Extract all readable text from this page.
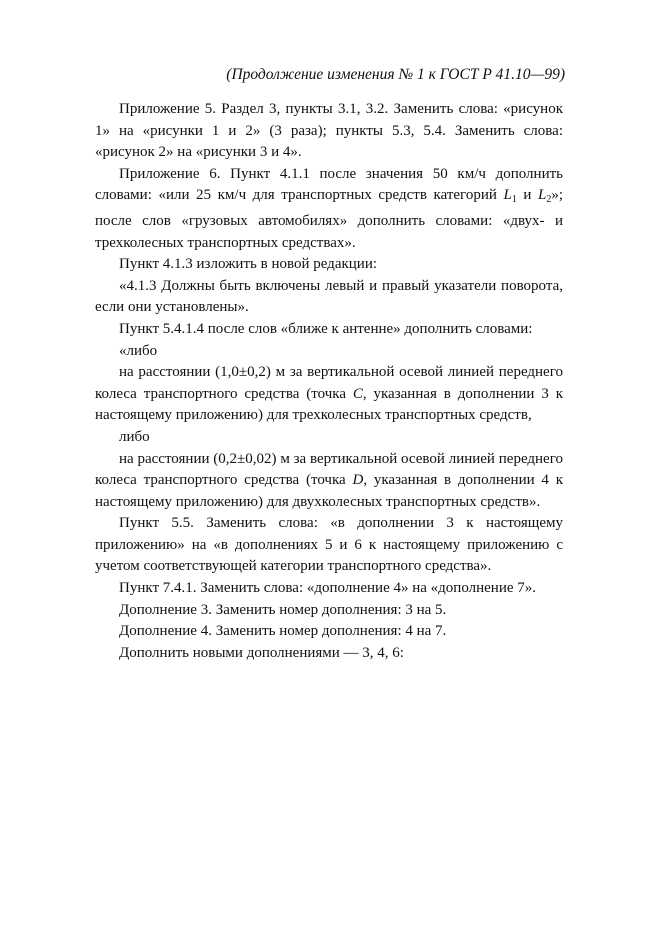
(Продолжение изменения № 1 к ГОСТ Р 41.10—99)

Приложение 5. Раздел 3, пункты 3.1, 3.2. Заменить слова: «рисунок 1» на «рисунки 1 и 2» (3 раза); пункты 5.3, 5.4. Заменить слова: «рисунок 2» на «рисунки 3 и 4».

Приложение 6. Пункт 4.1.1 после значения 50 км/ч дополнить словами: «или 25 км/ч для транспортных средств категорий $L_1$ и $L_2$»; после слов «грузовых автомобилях» дополнить словами: «двух- и трехколесных транспортных средствах».

Пункт 4.1.3 изложить в новой редакции:

«4.1.3 Должны быть включены левый и правый указатели поворота, если они установлены».

Пункт 5.4.1.4 после слов «ближе к антенне» дополнить словами:

«либо

на расстоянии (1,0±0,2) м за вертикальной осевой линией переднего колеса транспортного средства (точка С, указанная в дополнении 3 к настоящему приложению) для трехколесных транспортных средств,

либо

на расстоянии (0,2±0,02) м за вертикальной осевой линией переднего колеса транспортного средства (точка D, указанная в дополнении 4 к настоящему приложению) для двухколесных транспортных средств».

Пункт 5.5. Заменить слова: «в дополнении 3 к настоящему приложению» на «в дополнениях 5 и 6 к настоящему приложению с учетом соответствующей категории транспортного средства».

Пункт 7.4.1. Заменить слова: «дополнение 4» на «дополнение 7».

Дополнение 3. Заменить номер дополнения: 3 на 5.

Дополнение 4. Заменить номер дополнения: 4 на 7.

Дополнить новыми дополнениями — 3, 4, 6:
